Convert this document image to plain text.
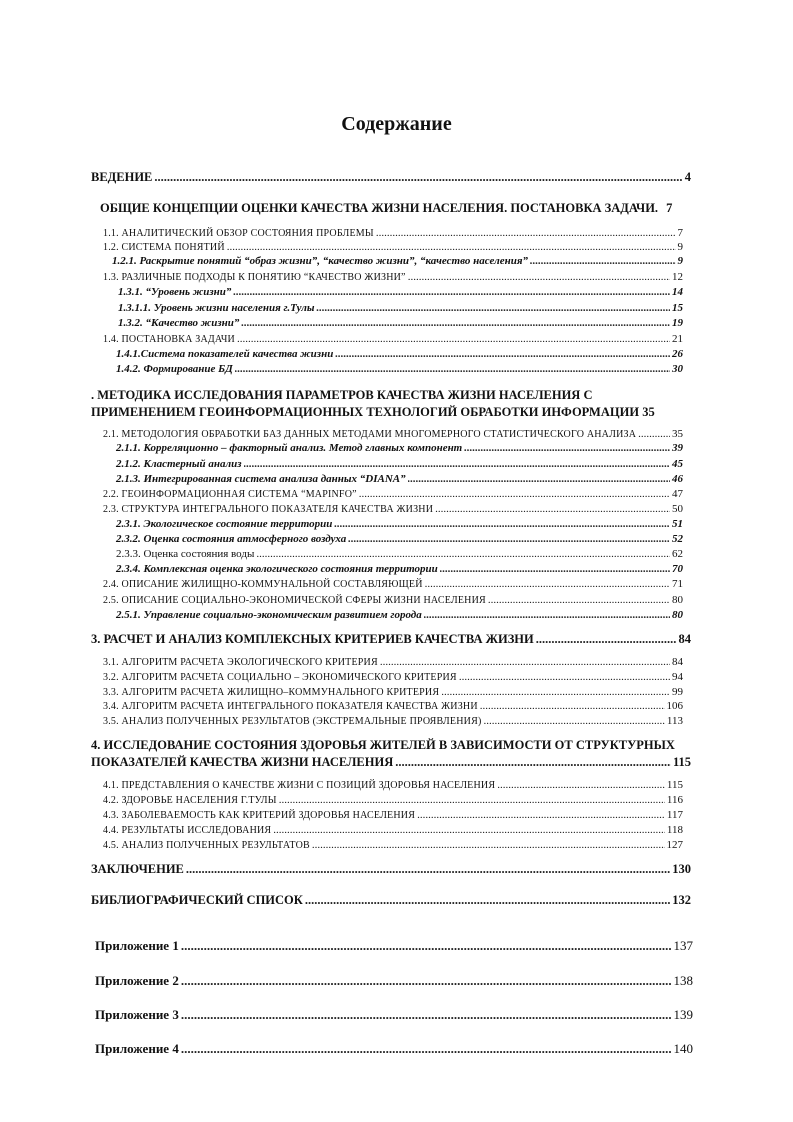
Содержание
ВЕДЕНИЕ .....	4
ОБЩИЕ КОНЦЕПЦИИ ОЦЕНКИ КАЧЕСТВА ЖИЗНИ НАСЕЛЕНИЯ. ПОСТАНОВКА ЗАДАЧИ. 7
1.1. АНАЛИТИЧЕСКИЙ ОБЗОР СОСТОЯНИЯ ПРОБЛЕМЫ .....	7
1.2. СИСТЕМА ПОНЯТИЙ .....	9
1.2.1. Раскрытие понятий “образ жизни”, “качество жизни”, “качество населения” .....	9
1.3. РАЗЛИЧНЫЕ ПОДХОДЫ К ПОНЯТИЮ “КАЧЕСТВО ЖИЗНИ” .....	12
1.3.1. “Уровень жизни” .....	14
1.3.1.1. Уровень жизни населения г.Тулы .....	15
1.3.2. “Качество жизни” .....	19
1.4. ПОСТАНОВКА ЗАДАЧИ .....	21
1.4.1.Система показателей качества жизни .....	26
1.4.2. Формирование БД .....	30
. МЕТОДИКА ИССЛЕДОВАНИЯ ПАРАМЕТРОВ КАЧЕСТВА ЖИЗНИ НАСЕЛЕНИЯ С
ПРИМЕНЕНИЕМ ГЕОИНФОРМАЦИОННЫХ ТЕХНОЛОГИЙ ОБРАБОТКИ ИНФОРМАЦИИ 35
2.1. МЕТОДОЛОГИЯ ОБРАБОТКИ БАЗ ДАННЫХ МЕТОДАМИ МНОГОМЕРНОГО СТАТИСТИЧЕСКОГО АНАЛИЗА .....	35
2.1.1. Корреляционно – факторный анализ. Метод главных компонент .....	39
2.1.2. Кластерный анализ .....	45
2.1.3. Интегрированная система анализа данных “DIANA” .....	46
2.2. ГЕОИНФОРМАЦИОННАЯ СИСТЕМА “MAPINFO” .....	47
2.3. СТРУКТУРА ИНТЕГРАЛЬНОГО ПОКАЗАТЕЛЯ КАЧЕСТВА ЖИЗНИ .....	50
2.3.1. Экологическое состояние территории .....	51
2.3.2. Оценка состояния атмосферного воздуха .....	52
2.3.3. Оценка состояния воды .....	62
2.3.4. Комплексная оценка экологического состояния территории .....	70
2.4. ОПИСАНИЕ ЖИЛИЩНО-КОММУНАЛЬНОЙ СОСТАВЛЯЮЩЕЙ .....	71
2.5. ОПИСАНИЕ СОЦИАЛЬНО-ЭКОНОМИЧЕСКОЙ СФЕРЫ ЖИЗНИ НАСЕЛЕНИЯ .....	80
2.5.1. Управление социально-экономическим развитием города .....	80
3. РАСЧЕТ И АНАЛИЗ КОМПЛЕКСНЫХ КРИТЕРИЕВ КАЧЕСТВА ЖИЗНИ .....	84
3.1. АЛГОРИТМ РАСЧЕТА ЭКОЛОГИЧЕСКОГО КРИТЕРИЯ .....	84
3.2. АЛГОРИТМ РАСЧЕТА СОЦИАЛЬНО – ЭКОНОМИЧЕСКОГО КРИТЕРИЯ .....	94
3.3. АЛГОРИТМ РАСЧЕТА ЖИЛИЩНО–КОММУНАЛЬНОГО КРИТЕРИЯ .....	99
3.4. АЛГОРИТМ РАСЧЕТА ИНТЕГРАЛЬНОГО ПОКАЗАТЕЛЯ КАЧЕСТВА ЖИЗНИ .....	106
3.5. АНАЛИЗ ПОЛУЧЕННЫХ РЕЗУЛЬТАТОВ (ЭКСТРЕМАЛЬНЫЕ ПРОЯВЛЕНИЯ) .....	113
4. ИССЛЕДОВАНИЕ СОСТОЯНИЯ ЗДОРОВЬЯ ЖИТЕЛЕЙ В ЗАВИСИМОСТИ ОТ СТРУКТУРНЫХ
ПОКАЗАТЕЛЕЙ КАЧЕСТВА ЖИЗНИ НАСЕЛЕНИЯ .....	115
4.1. ПРЕДСТАВЛЕНИЯ О КАЧЕСТВЕ ЖИЗНИ С ПОЗИЦИЙ ЗДОРОВЬЯ НАСЕЛЕНИЯ .....	115
4.2. ЗДОРОВЬЕ НАСЕЛЕНИЯ Г.ТУЛЫ .....	116
4.3. ЗАБОЛЕВАЕМОСТЬ КАК КРИТЕРИЙ ЗДОРОВЬЯ НАСЕЛЕНИЯ .....	117
4.4. РЕЗУЛЬТАТЫ ИССЛЕДОВАНИЯ .....	118
4.5. АНАЛИЗ ПОЛУЧЕННЫХ РЕЗУЛЬТАТОВ .....	127
ЗАКЛЮЧЕНИЕ .....	130
БИБЛИОГРАФИЧЕСКИЙ СПИСОК .....	132
Приложение 1 .....	137
Приложение 2 .....	138
Приложение 3 .....	139
Приложение 4 .....	140
